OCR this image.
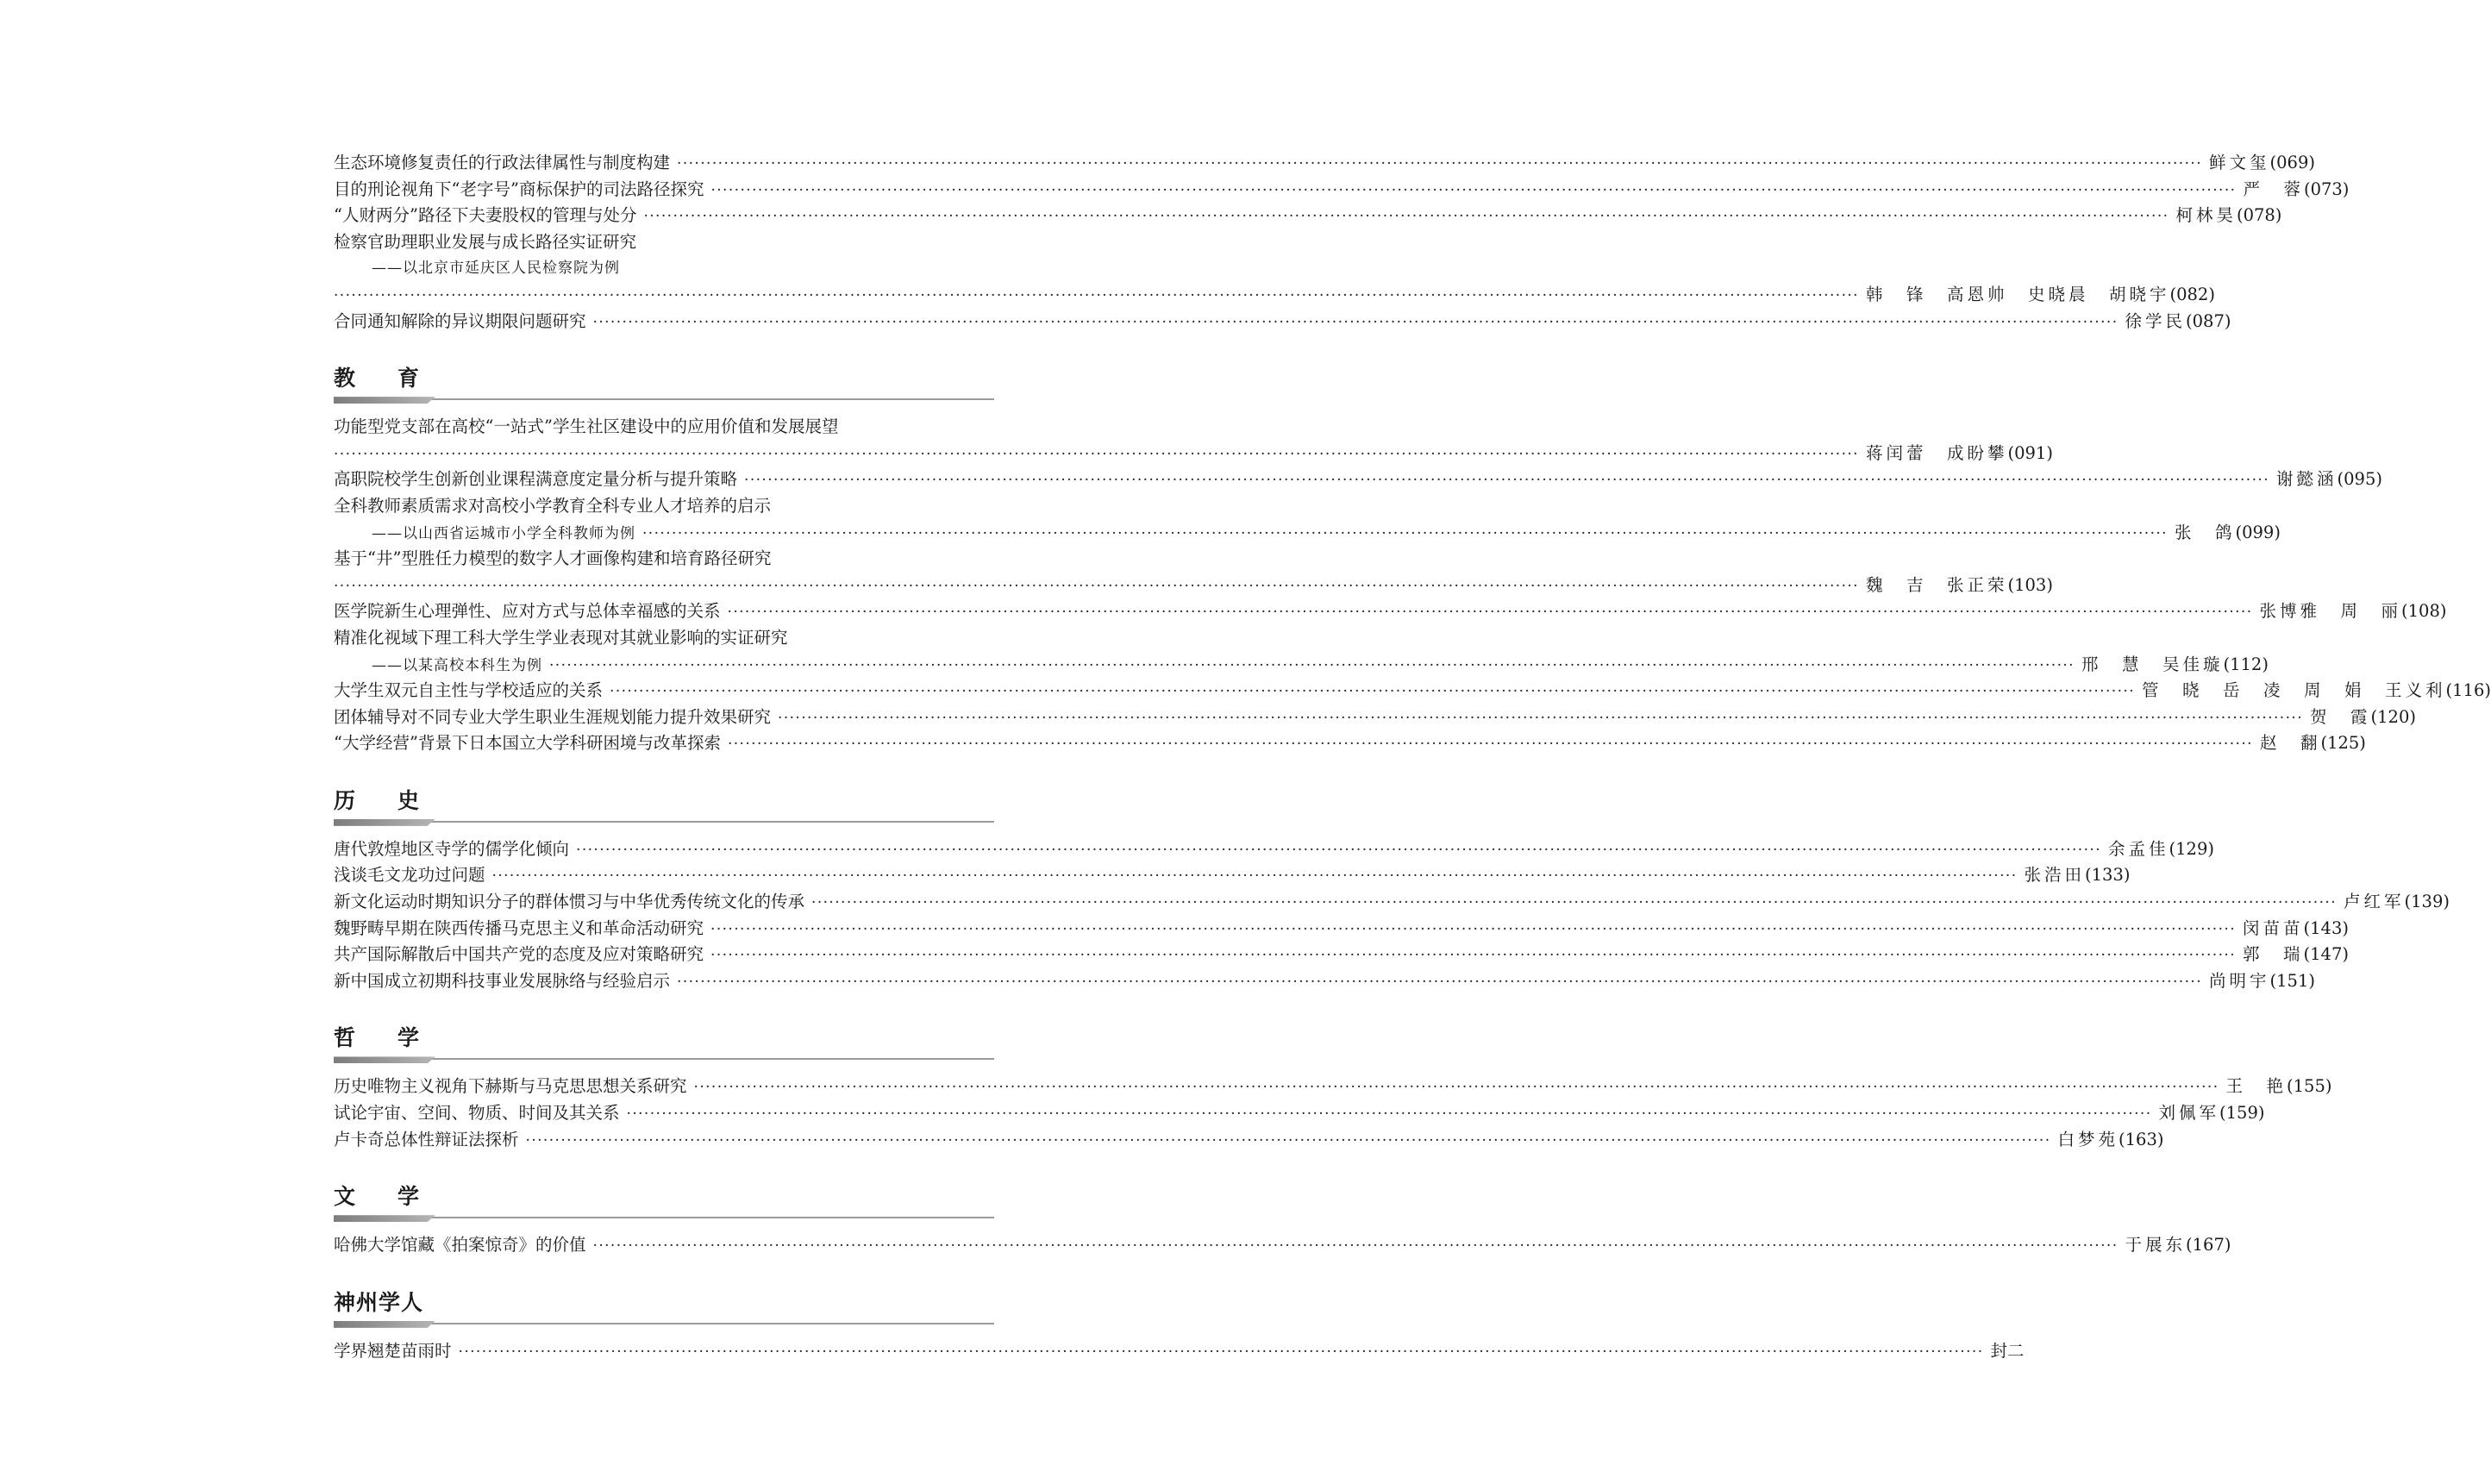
生态环境修复责任的行政法律属性与制度构建 ···································································································································································································································································· 鲜文玺 (069)
目的刑论视角下“老字号”商标保护的司法路径探究 ···································································································································································································································································· 严　蓉 (073)
“人财两分”路径下夫妻股权的管理与处分 ···································································································································································································································································· 柯林昊 (078)
检察官助理职业发展与成长路径实证研究
——以北京市延庆区人民检察院为例
···································································································································································································································································· 韩　锋　高恩帅　史晓晨　胡晓宇 (082)
合同通知解除的异议期限问题研究 ···································································································································································································································································· 徐学民 (087)
教　育
功能型党支部在高校“一站式”学生社区建设中的应用价值和发展展望
···································································································································································································································································· 蒋闰蕾　成盼攀 (091)
高职院校学生创新创业课程满意度定量分析与提升策略 ···································································································································································································································································· 谢懿涵 (095)
全科教师素质需求对高校小学教育全科专业人才培养的启示
——以山西省运城市小学全科教师为例 ···································································································································································································································································· 张　鸽 (099)
基于“井”型胜任力模型的数字人才画像构建和培育路径研究
···································································································································································································································································· 魏　吉　张正荣 (103)
医学院新生心理弹性、应对方式与总体幸福感的关系 ···································································································································································································································································· 张博雅　周　丽 (108)
精准化视域下理工科大学生学业表现对其就业影响的实证研究
——以某高校本科生为例 ···································································································································································································································································· 邢　慧　吴佳璇 (112)
大学生双元自主性与学校适应的关系 ···································································································································································································································································· 管　晓　岳　凌　周　娟　王义利 (116)
团体辅导对不同专业大学生职业生涯规划能力提升效果研究 ···································································································································································································································································· 贺　霞 (120)
“大学经营”背景下日本国立大学科研困境与改革探索 ···································································································································································································································································· 赵　翻 (125)
历　史
唐代敦煌地区寺学的儒学化倾向 ···································································································································································································································································· 余孟佳 (129)
浅谈毛文龙功过问题 ···································································································································································································································································· 张浩田 (133)
新文化运动时期知识分子的群体惯习与中华优秀传统文化的传承 ···································································································································································································································································· 卢红军 (139)
魏野畴早期在陕西传播马克思主义和革命活动研究 ···································································································································································································································································· 闵苗苗 (143)
共产国际解散后中国共产党的态度及应对策略研究 ···································································································································································································································································· 郭　瑞 (147)
新中国成立初期科技事业发展脉络与经验启示 ···································································································································································································································································· 尚明宇 (151)
哲　学
历史唯物主义视角下赫斯与马克思思想关系研究 ···································································································································································································································································· 王　艳 (155)
试论宇宙、空间、物质、时间及其关系 ···································································································································································································································································· 刘佩军 (159)
卢卡奇总体性辩证法探析 ···································································································································································································································································· 白梦苑 (163)
文　学
哈佛大学馆藏《拍案惊奇》的价值 ···································································································································································································································································· 于展东 (167)
神州学人
学界翘楚苗雨时 ···································································································································································································································································· 封二
